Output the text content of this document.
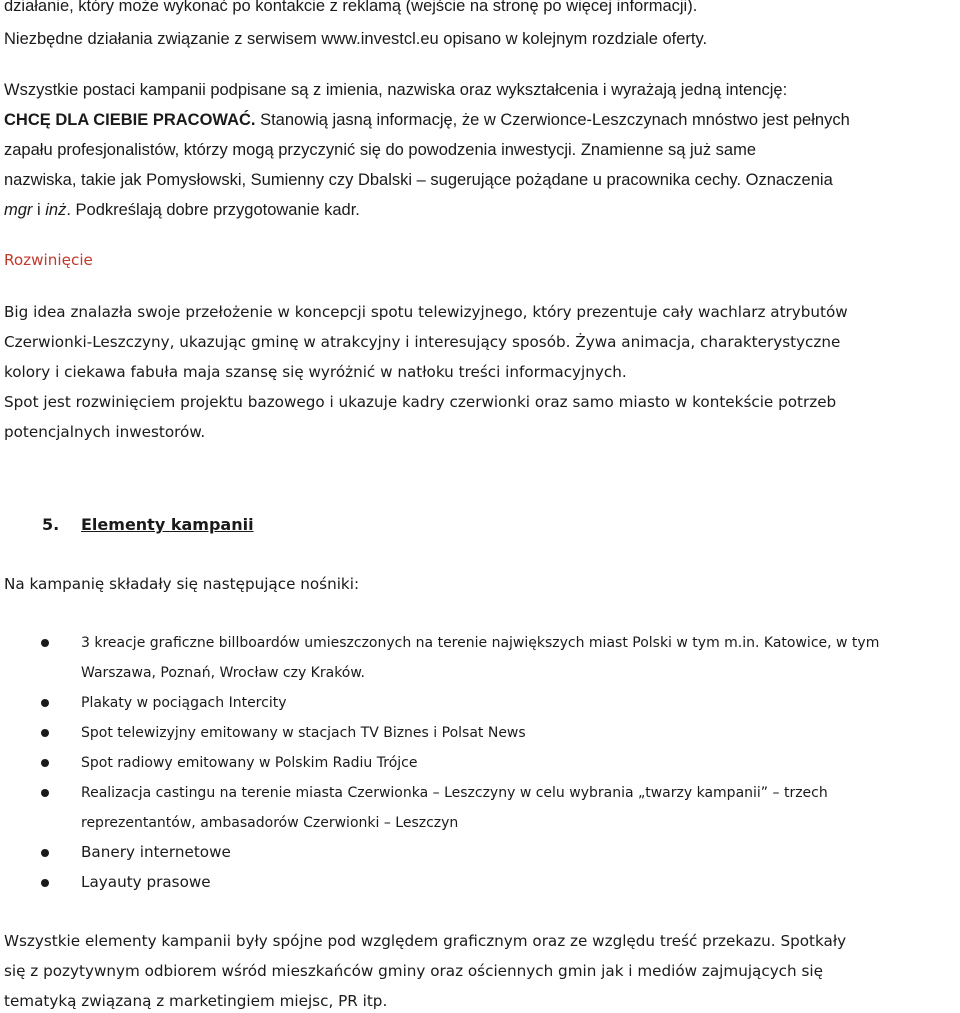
działanie, który może wykonać po kontakcie z reklamą (wejście na stronę po więcej informacji).
Niezbędne działania związanie z serwisem www.investcl.eu opisano w kolejnym rozdziale oferty.
Wszystkie postaci kampanii podpisane są z imienia, nazwiska oraz wykształcenia i wyrażają jedną intencję:
CHCĘ DLA CIEBIE PRACOWAĆ. Stanowią jasną informację, że w Czerwionce-Leszczynach mnóstwo jest pełnych
zapału profesjonalistów, którzy mogą przyczynić się do powodzenia inwestycji. Znamienne są już same
nazwiska, takie jak Pomysłowski, Sumienny czy Dbalski – sugerujące pożądane u pracownika cechy. Oznaczenia
mgr i inż. Podkreślają dobre przygotowanie kadr.
Rozwinięcie
Big idea znalazła swoje przełożenie w koncepcji spotu telewizyjnego, który prezentuje cały wachlarz atrybutów
Czerwionki-Leszczyny, ukazując gminę w atrakcyjny i interesujący sposób. Żywa animacja, charakterystyczne
kolory i ciekawa fabuła maja szansę się wyróżnić w natłoku treści informacyjnych.
Spot jest rozwinięciem projektu bazowego i ukazuje kadry czerwionki oraz samo miasto w kontekście potrzeb
potencjalnych inwestorów.
5. Elementy kampanii
Na kampanię składały się następujące nośniki:
3 kreacje graficzne billboardów umieszczonych na terenie największych miast Polski w tym m.in. Katowice, w tym
Warszawa, Poznań, Wrocław czy Kraków.
Plakaty w pociągach Intercity
Spot telewizyjny emitowany w stacjach TV Biznes i Polsat News
Spot radiowy emitowany w Polskim Radiu Trójce
Realizacja castingu na terenie miasta Czerwionka – Leszczyny w celu wybrania „twarzy kampanii” – trzech
reprezentantów, ambasadorów Czerwionki – Leszczyn
Banery internetowe
Layauty prasowe
Wszystkie elementy kampanii były spójne pod względem graficznym oraz ze względu treść przekazu. Spotkały
się z pozytywnym odbiorem wśród mieszkańców gminy oraz ościennych gmin jak i mediów zajmujących się
tematyką związaną z marketingiem miejsc, PR itp.
